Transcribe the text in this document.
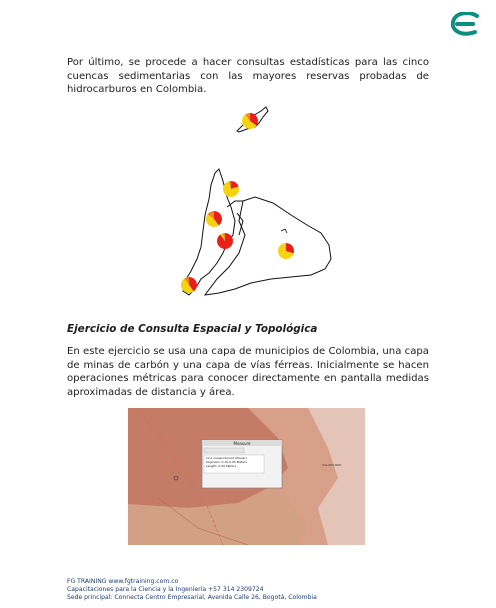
Por último, se procede a hacer consultas estadísticas para las cinco cuencas sedimentarias con las mayores reservas probadas de hidrocarburos en Colombia.

Ejercicio de Consulta Espacial y Topológica

En este ejercicio se usa una capa de municipios de Colombia, una capa de minas de carbón y una capa de vías férreas. Inicialmente se hacen operaciones métricas para conocer directamente en pantalla medidas aproximadas de distancia y área.

Measure
Line measurement (Planar)
Segment: 0.10,0.00 Meters
Length: 0.00 Meters	VALLEDUPAR
FG TRAINING www.fgtraining.com.co
Capacitaciones para la Ciencia y la Ingeniería +57 314 2309724
Sede principal: Connecta Centro Empresarial, Avenida Calle 26, Bogotá, Colombia
